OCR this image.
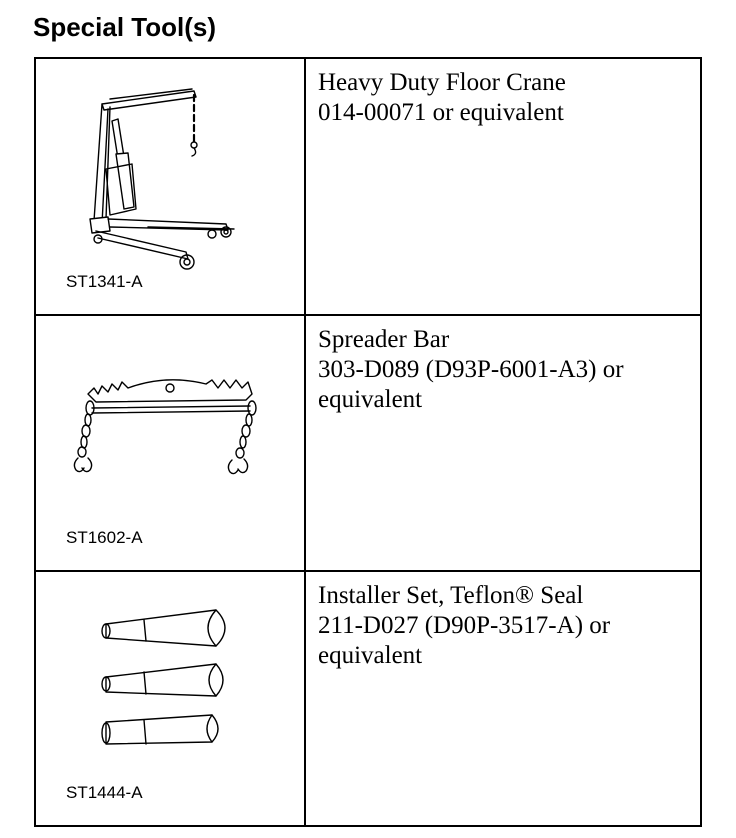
Special Tool(s)
ST1341-A	Heavy Duty Floor Crane
014-00071 or equivalent

ST1602-A	Spreader Bar
303-D089 (D93P-6001-A3) or
equivalent

ST1444-A	Installer Set, Teflon® Seal
211-D027 (D90P-3517-A) or
equivalent
